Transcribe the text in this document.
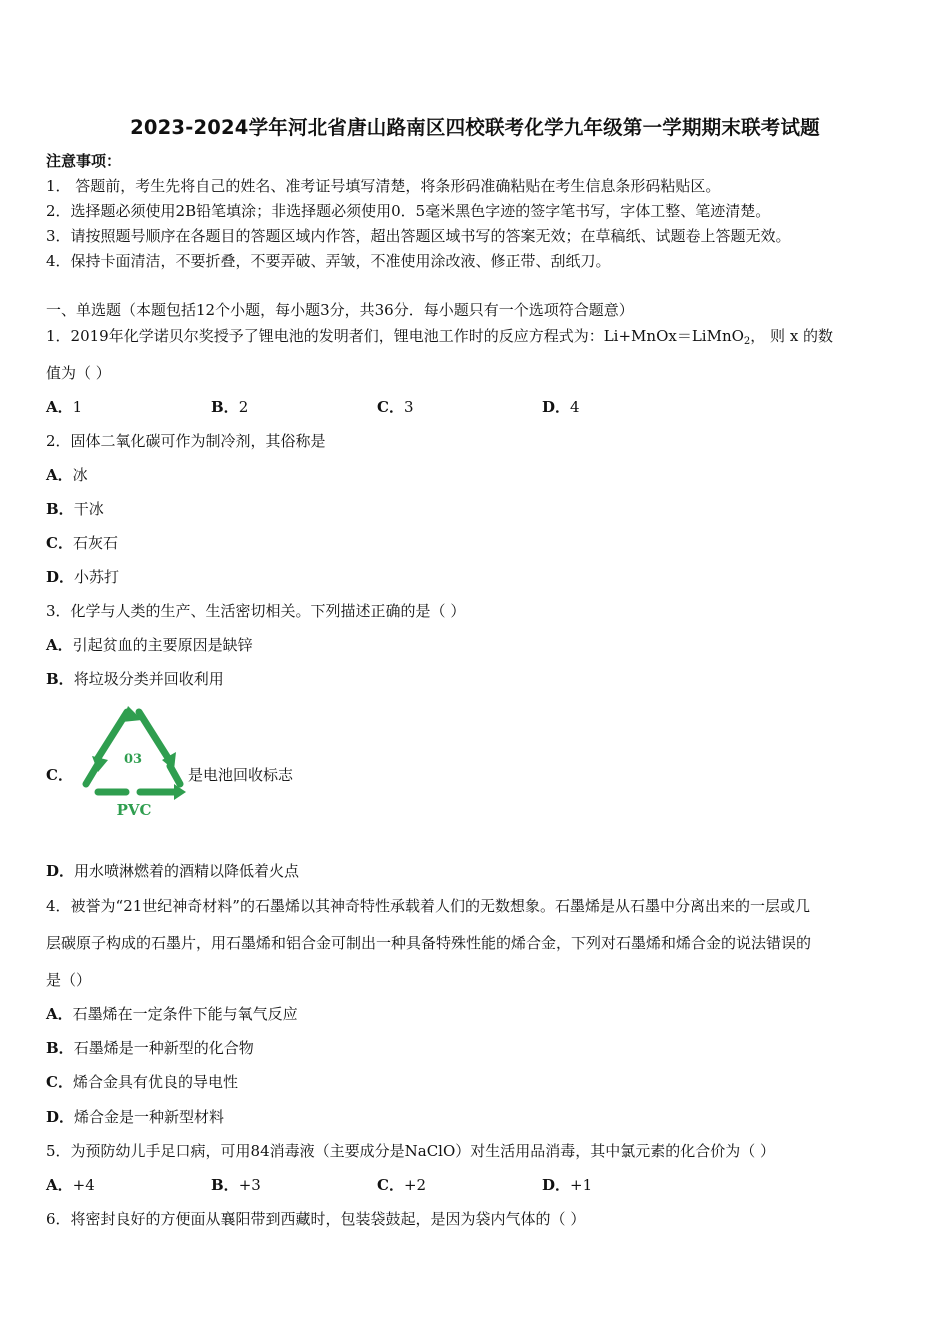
2023-2024学年河北省唐山路南区四校联考化学九年级第一学期期末联考试题
注意事项：
1． 答题前，考生先将自己的姓名、准考证号填写清楚，将条形码准确粘贴在考生信息条形码粘贴区。
2．选择题必须使用2B铅笔填涂；非选择题必须使用0．5毫米黑色字迹的签字笔书写，字体工整、笔迹清楚。
3．请按照题号顺序在各题目的答题区域内作答，超出答题区域书写的答案无效；在草稿纸、试题卷上答题无效。
4．保持卡面清洁，不要折叠，不要弄破、弄皱，不准使用涂改液、修正带、刮纸刀。
一、单选题（本题包括12个小题，每小题3分，共36分．每小题只有一个选项符合题意）
1．2019年化学诺贝尔奖授予了锂电池的发明者们，锂电池工作时的反应方程式为：Li+MnOx＝LiMnO$_2$， 则 x 的数
值为（ ）
A．1	B．2	C．3	D．4
2．固体二氧化碳可作为制冷剂，其俗称是
A．冰
B．干冰
C．石灰石
D．小苏打
3．化学与人类的生产、生活密切相关。下列描述正确的是（ ）
A．引起贫血的主要原因是缺锌
B．将垃圾分类并回收利用
C．
03
PVC
是电池回收标志
D．用水喷淋燃着的酒精以降低着火点
4．被誉为“21世纪神奇材料”的石墨烯以其神奇特性承载着人们的无数想象。石墨烯是从石墨中分离出来的一层或几
层碳原子构成的石墨片，用石墨烯和铝合金可制出一种具备特殊性能的烯合金，下列对石墨烯和烯合金的说法错误的
是（）
A．石墨烯在一定条件下能与氧气反应
B．石墨烯是一种新型的化合物
C．烯合金具有优良的导电性
D．烯合金是一种新型材料
5．为预防幼儿手足口病，可用84消毒液（主要成分是NaClO）对生活用品消毒，其中氯元素的化合价为（ ）
A．+4	B．+3	C．+2	D．+1
6．将密封良好的方便面从襄阳带到西藏时，包装袋鼓起，是因为袋内气体的（ ）
